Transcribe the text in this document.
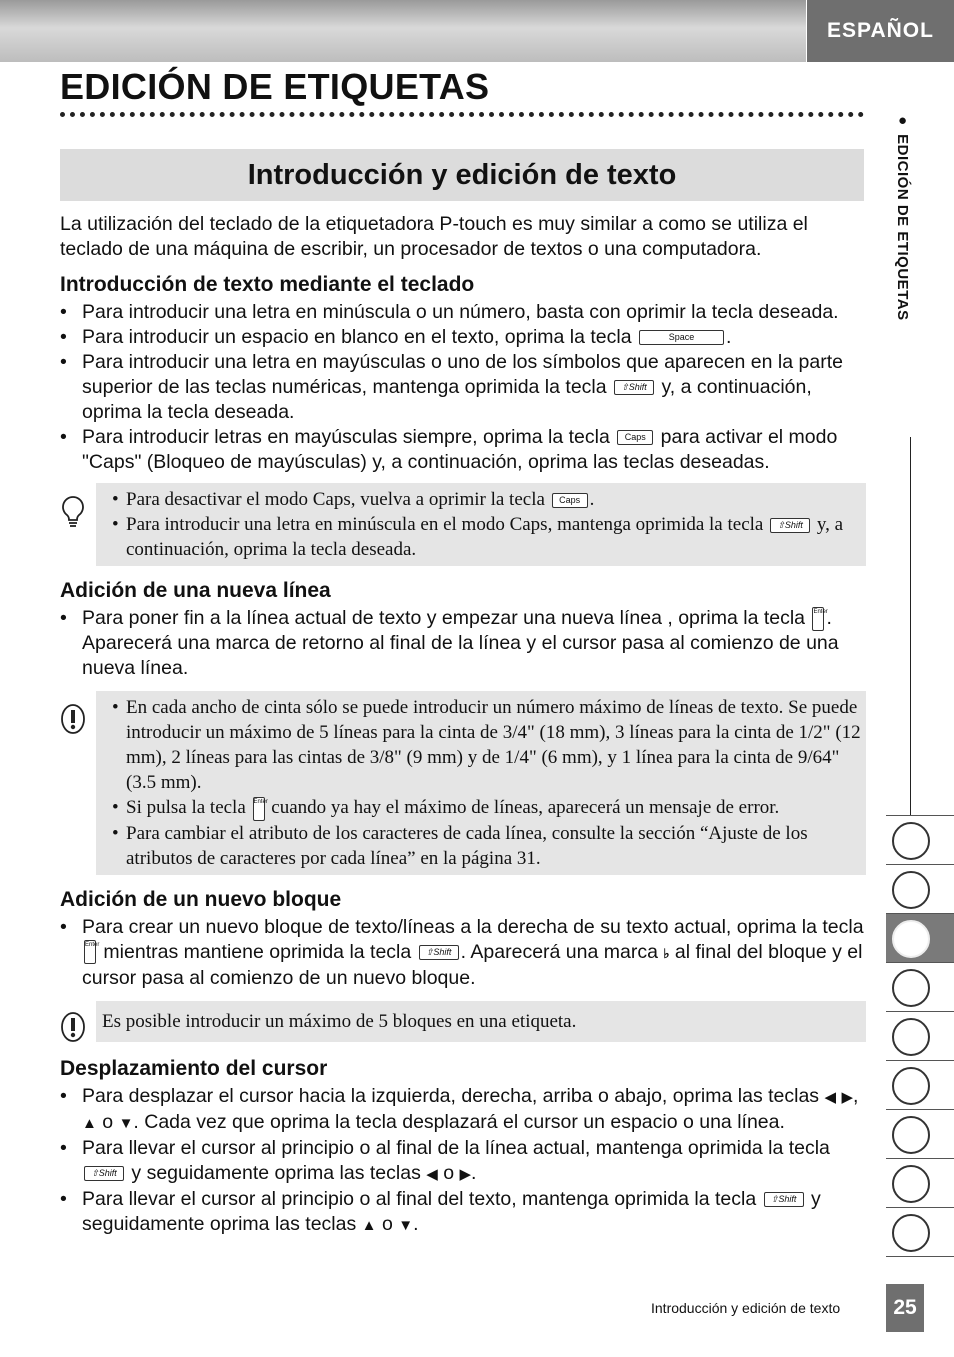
ESPAÑOL
EDICIÓN DE ETIQUETAS
Introducción y edición de texto

La utilización del teclado de la etiquetadora P-touch es muy similar a como se utiliza el teclado de una máquina de escribir, un procesador de textos o una computadora.

Introducción de texto mediante el teclado
• Para introducir una letra en minúscula o un número, basta con oprimir la tecla deseada.
• Para introducir un espacio en blanco en el texto, oprima la tecla	Space .
• Para introducir una letra en mayúsculas o uno de los símbolos que aparecen en la parte superior de las teclas numéricas, mantenga oprimida la tecla ⇧Shift y, a continuación, oprima la tecla deseada.
• Para introducir letras en mayúsculas siempre, oprima la tecla Caps para activar el modo "Caps" (Bloqueo de mayúsculas) y, a continuación, oprima las teclas deseadas.
• Para desactivar el modo Caps, vuelva a oprimir la tecla Caps .
• Para introducir una letra en minúscula en el modo Caps, mantenga oprimida la tecla ⇧Shift y, a continuación, oprima la tecla deseada.
Adición de una nueva línea
• Para poner fin a la línea actual de texto y empezar una nueva línea , oprima la tecla Enter. Aparecerá una marca de retorno al final de la línea y el cursor pasa al comienzo de una nueva línea.
• En cada ancho de cinta sólo se puede introducir un número máximo de líneas de texto. Se puede introducir un máximo de 5 líneas para la cinta de 3/4" (18 mm), 3 líneas para la cinta de 1/2" (12 mm), 2 líneas para las cintas de 3/8" (9 mm) y de 1/4" (6 mm), y 1 línea para la cinta de 9/64" (3.5 mm).
• Si pulsa la tecla Enter cuando ya hay el máximo de líneas, aparecerá un mensaje de error.
• Para cambiar el atributo de los caracteres de cada línea, consulte la sección “Ajuste de los atributos de caracteres por cada línea” en la página 31.
Adición de un nuevo bloque
• Para crear un nuevo bloque de texto/líneas a la derecha de su texto actual, oprima la tecla Enter mientras mantiene oprimida la tecla ⇧Shift . Aparecerá una marca ♭ al final del bloque y el cursor pasa al comienzo de un nuevo bloque.

Es posible introducir un máximo de 5 bloques en una etiqueta.

Desplazamiento del cursor
• Para desplazar el cursor hacia la izquierda, derecha, arriba o abajo, oprima las teclas ◀ ▶, ▲ o ▼. Cada vez que oprima la tecla desplazará el cursor un espacio o una línea.
• Para llevar el cursor al principio o al final de la línea actual, mantenga oprimida la tecla ⇧Shift y seguidamente oprima las teclas ◀ o ▶.
• Para llevar el cursor al principio o al final del texto, mantenga oprimida la tecla ⇧Shift y seguidamente oprima las teclas ▲ o ▼.
● EDICIÓN DE ETIQUETAS
Introducción y edición de texto	25
